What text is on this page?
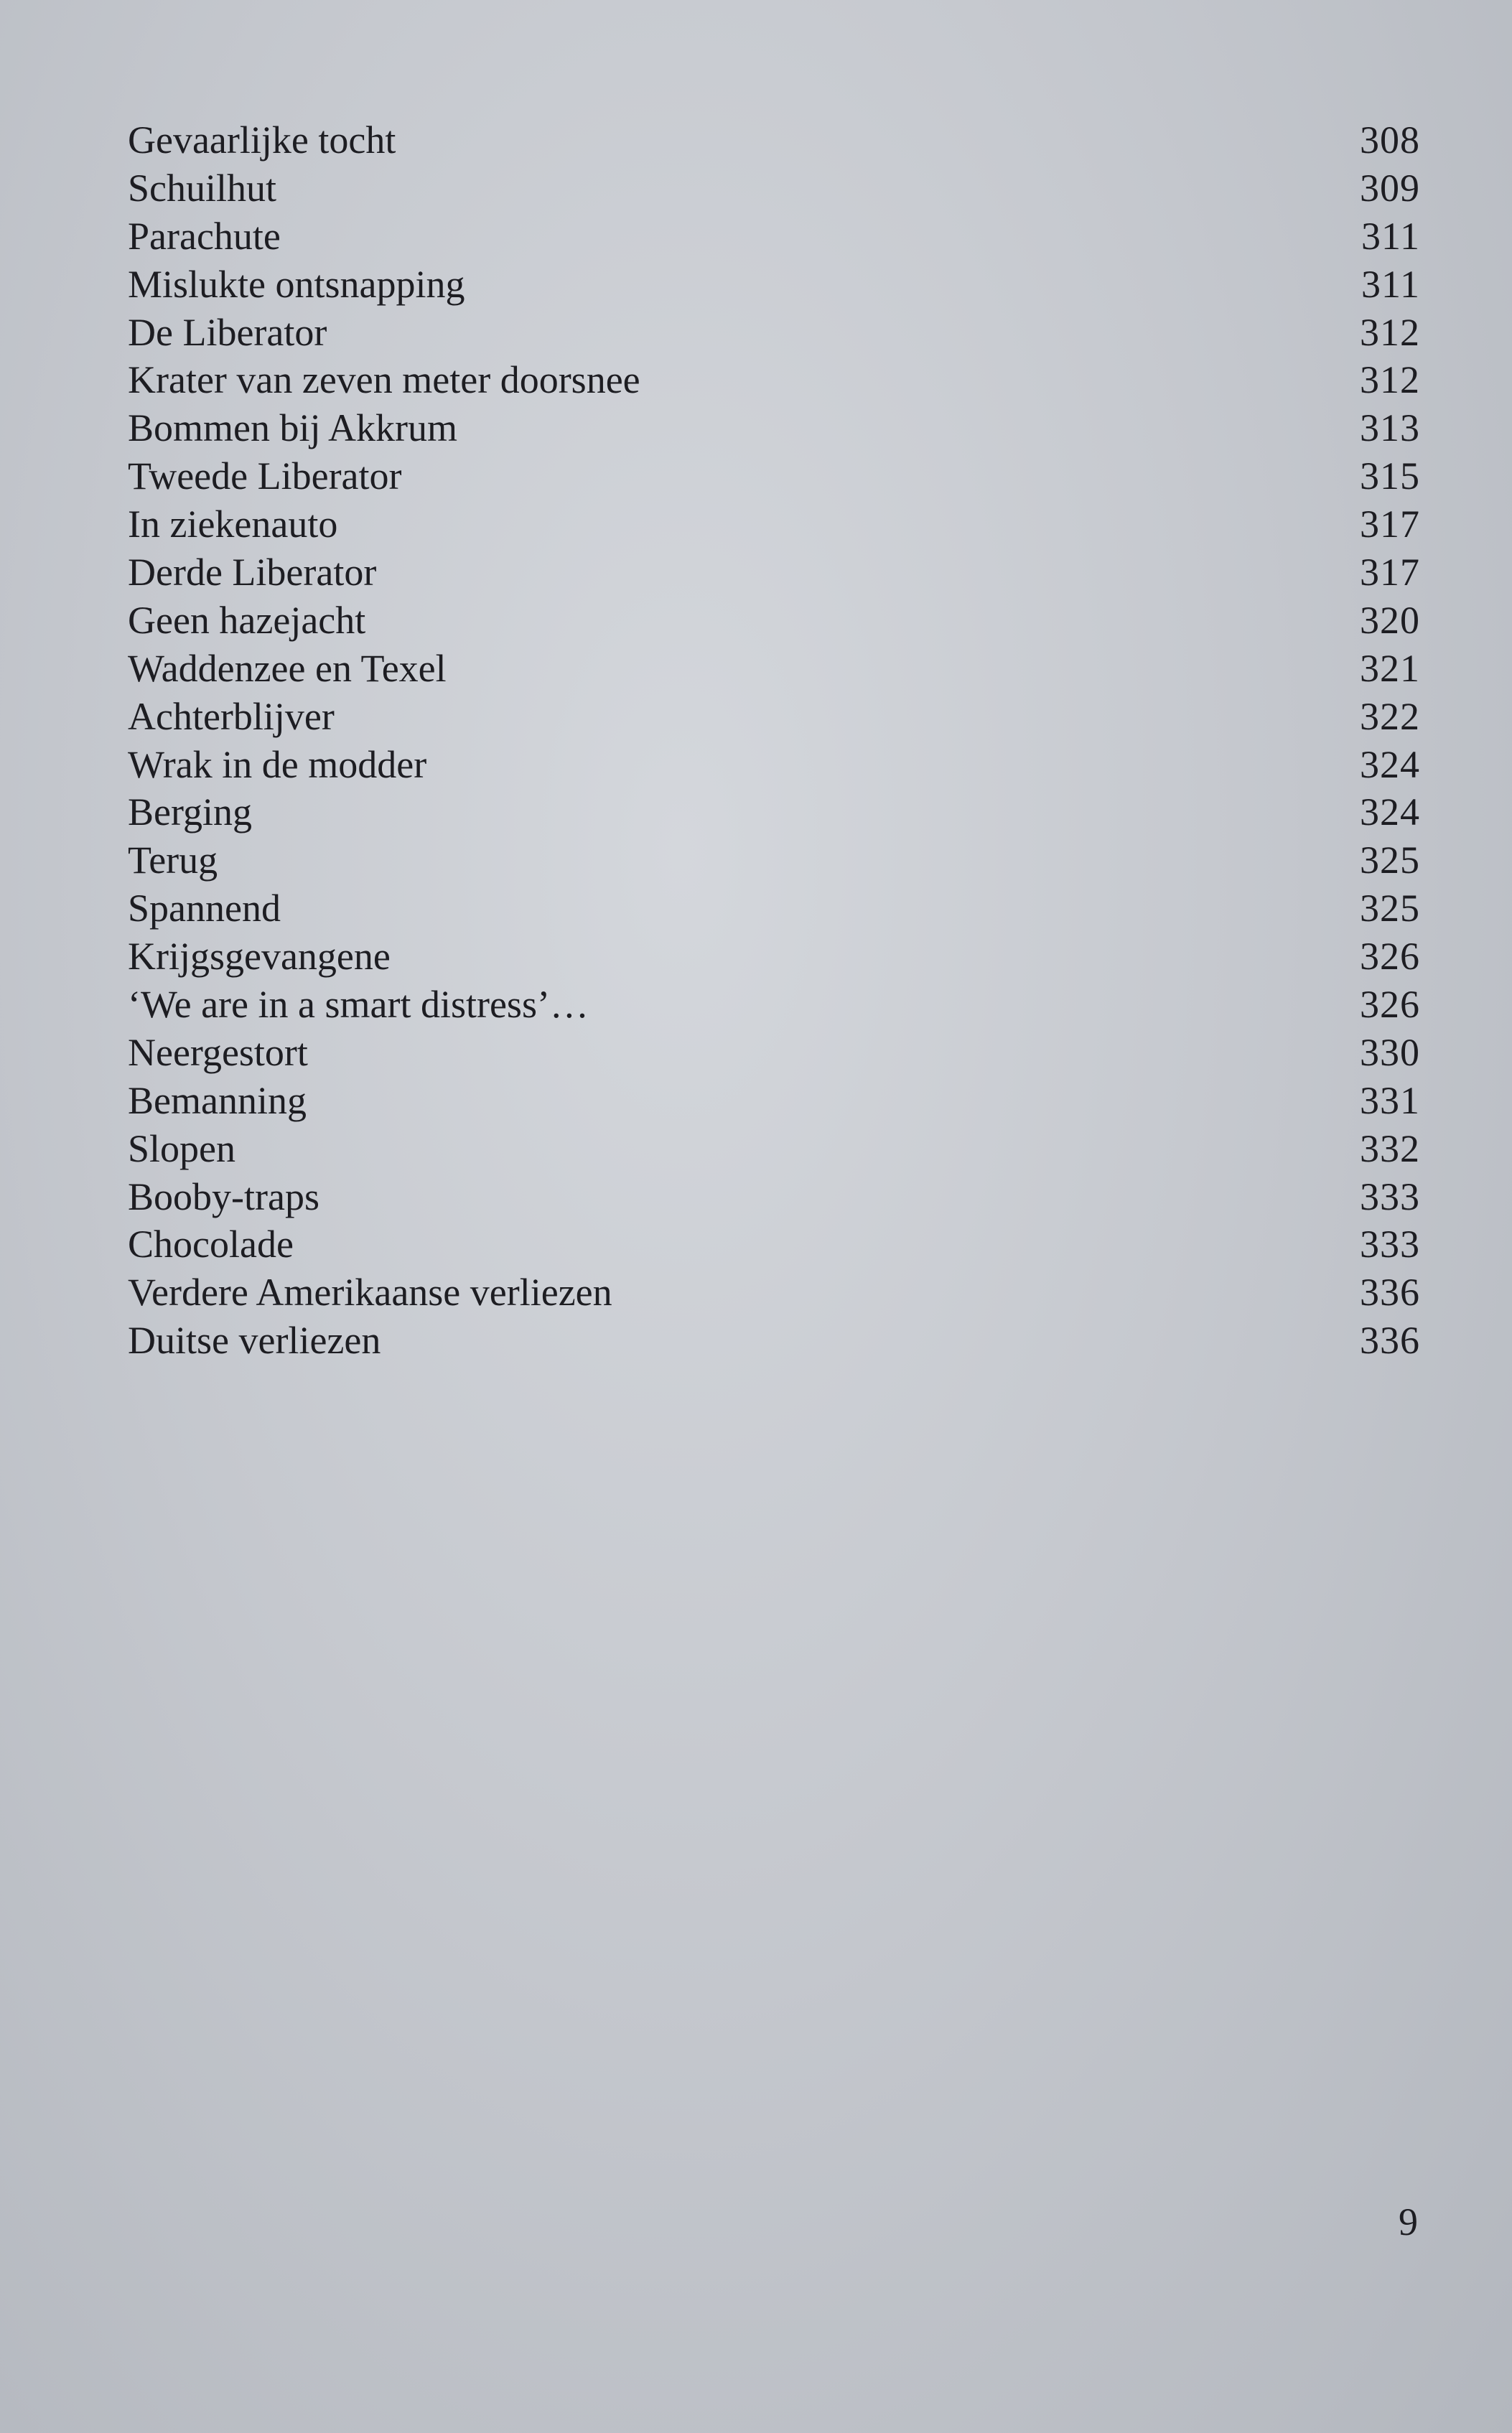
Gevaarlijke tocht	308
Schuilhut	309
Parachute	311
Mislukte ontsnapping	311
De Liberator	312
Krater van zeven meter doorsnee	312
Bommen bij Akkrum	313
Tweede Liberator	315
In ziekenauto	317
Derde Liberator	317
Geen hazejacht	320
Waddenzee en Texel	321
Achterblijver	322
Wrak in de modder	324
Berging	324
Terug	325
Spannend	325
Krijgsgevangene	326
‘We are in a smart distress’…	326
Neergestort	330
Bemanning	331
Slopen	332
Booby-traps	333
Chocolade	333
Verdere Amerikaanse verliezen	336
Duitse verliezen	336
9
